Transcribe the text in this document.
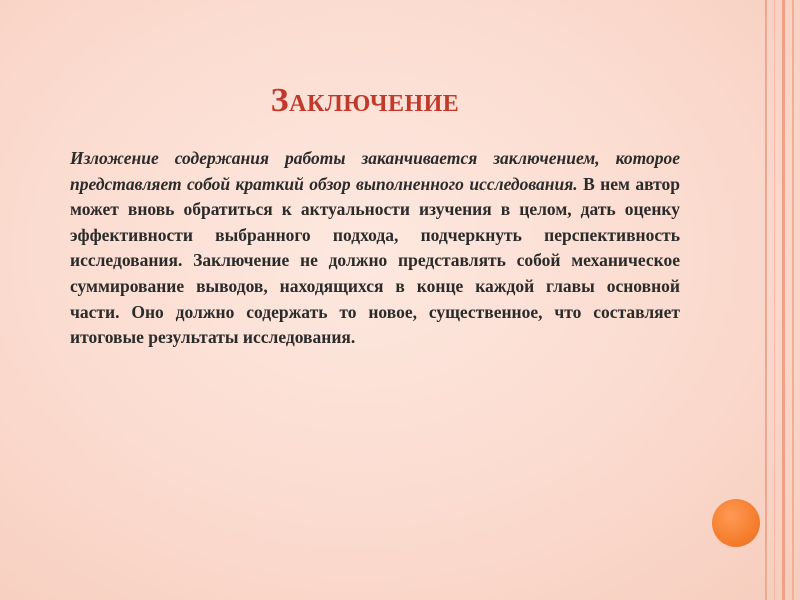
Заключение
Изложение содержания работы заканчивается заключением, которое представляет собой краткий обзор выполненного исследования. В нем автор может вновь обратиться к актуальности изучения в целом, дать оценку эффективности выбранного подхода, подчеркнуть перспективность исследования. Заключение не должно представлять собой механическое суммирование выводов, находящихся в конце каждой главы основной части. Оно должно содержать то новое, существенное, что составляет итоговые результаты исследования.
